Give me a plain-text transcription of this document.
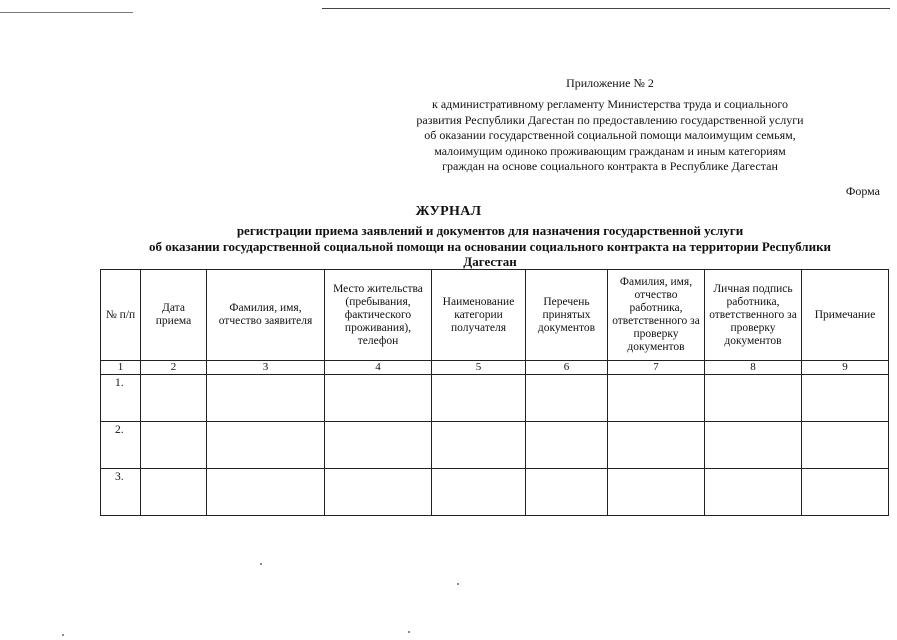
Приложение № 2
к административному регламенту Министерства труда и социального
развития Республики Дагестан по предоставлению государственной услуги
об оказании государственной социальной помощи малоимущим семьям,
малоимущим одиноко проживающим гражданам и иным категориям
граждан на основе социального контракта в Республике Дагестан
Форма
ЖУРНАЛ
регистрации приема заявлений и документов для назначения государственной услуги
об оказании государственной социальной помощи на основании социального контракта на территории Республики
Дагестан
№ п/п	Дата приема	Фамилия, имя, отчество заявителя	Место жительства (пребывания, фактического проживания), телефон	Наименование категории получателя	Перечень принятых документов	Фамилия, имя, отчество работника, ответственного за проверку документов	Личная подпись работника, ответственного за проверку документов	Примечание
1	2	3	4	5	6	7	8	9
1.								
2.								
3.								
